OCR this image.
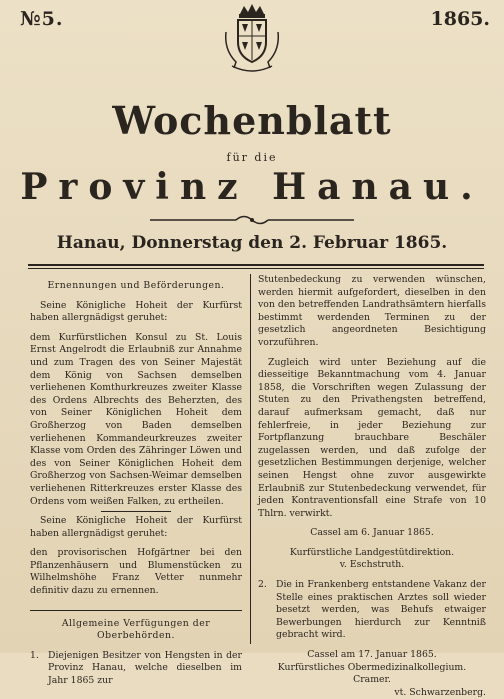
№5.	1865.
Wochenblatt
für die
Provinz Hanau.
Hanau, Donnerstag den 2. Februar 1865.
Ernennungen und Beförderungen.
Seine Königliche Hoheit der Kurfürst haben allergnädigst geruhet:
dem Kurfürstlichen Konsul zu St. Louis Ernst Angelrodt die Erlaubniß zur Annahme und zum Tragen des von Seiner Majestät dem König von Sachsen demselben verliehenen Komthurkreuzes zweiter Klasse des Ordens Albrechts des Beherzten, des von Seiner Königlichen Hoheit dem Großherzog von Baden demselben verliehenen Kommandeurkreuzes zweiter Klasse vom Orden des Zähringer Löwen und des von Seiner Königlichen Hoheit dem Großherzog von Sachsen-Weimar demselben verliehenen Ritterkreuzes erster Klasse des Ordens vom weißen Falken, zu ertheilen.
Seine Königliche Hoheit der Kurfürst haben allergnädigst geruhet:
den provisorischen Hofgärtner bei den Pflanzenhäusern und Blumenstücken zu Wilhelmshöhe Franz Vetter nunmehr definitiv dazu zu ernennen.
Allgemeine Verfügungen der Oberbehörden.
1. Diejenigen Besitzer von Hengsten in der Provinz Hanau, welche dieselben im Jahr 1865 zur
Stutenbedeckung zu verwenden wünschen, werden hiermit aufgefordert, dieselben in den von den betreffenden Landrathsämtern hierfalls bestimmt werdenden Terminen zu der gesetzlich angeordneten Besichtigung vorzuführen.
Zugleich wird unter Beziehung auf die diesseitige Bekanntmachung vom 4. Januar 1858, die Vorschriften wegen Zulassung der Stuten zu den Privathengsten betreffend, darauf aufmerksam gemacht, daß nur fehlerfreie, in jeder Beziehung zur Fortpflanzung brauchbare Beschäler zugelassen werden, und daß zufolge der gesetzlichen Bestimmungen derjenige, welcher seinen Hengst ohne zuvor ausgewirkte Erlaubniß zur Stutenbedeckung verwendet, für jeden Kontraventionsfall eine Strafe von 10 Thlrn. verwirkt.
Cassel am 6. Januar 1865.
Kurfürstliche Landgestütdirektion.
v. Eschstruth.
2. Die in Frankenberg entstandene Vakanz der Stelle eines praktischen Arztes soll wieder besetzt werden, was Behufs etwaiger Bewerbungen hierdurch zur Kenntniß gebracht wird.
Cassel am 17. Januar 1865.
Kurfürstliches Obermedizinalkollegium.
Cramer.
vt. Schwarzenberg.
